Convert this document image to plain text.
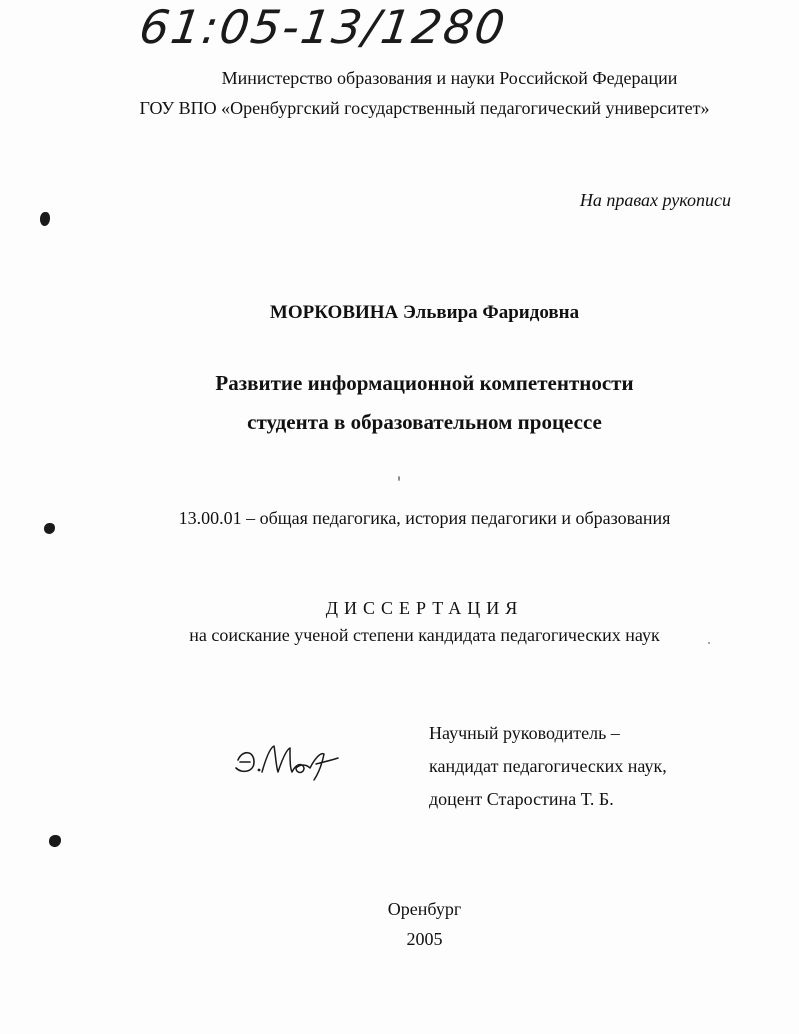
61:05-13/1280
Министерство образования и науки Российской Федерации
ГОУ ВПО «Оренбургский государственный педагогический университет»
На правах рукописи
МОРКОВИНА Эльвира Фаридовна
Развитие информационной компетентности
студента в образовательном процессе
13.00.01 – общая педагогика, история педагогики и образования
ДИССЕРТАЦИЯ
на соискание ученой степени кандидата педагогических наук
Научный руководитель –
кандидат педагогических наук,
доцент Старостина Т. Б.
Оренбург
2005
